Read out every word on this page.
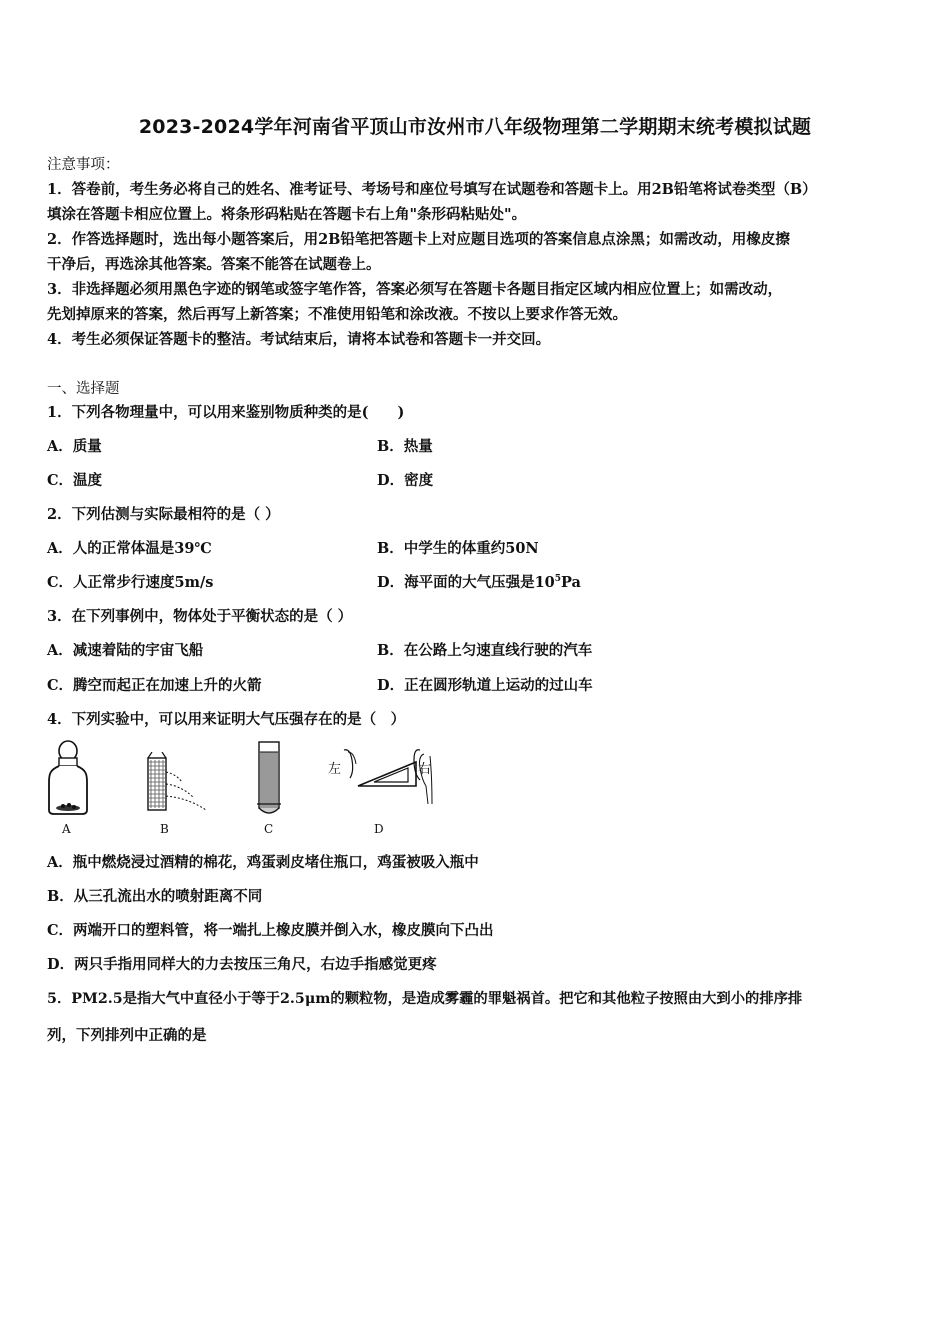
2023-2024学年河南省平顶山市汝州市八年级物理第二学期期末统考模拟试题
注意事项：
1．答卷前，考生务必将自己的姓名、准考证号、考场号和座位号填写在试题卷和答题卡上。用2B铅笔将试卷类型（B）
填涂在答题卡相应位置上。将条形码粘贴在答题卡右上角"条形码粘贴处"。
2．作答选择题时，选出每小题答案后，用2B铅笔把答题卡上对应题目选项的答案信息点涂黑；如需改动，用橡皮擦
干净后，再选涂其他答案。答案不能答在试题卷上。
3．非选择题必须用黑色字迹的钢笔或签字笔作答，答案必须写在答题卡各题目指定区域内相应位置上；如需改动，
先划掉原来的答案，然后再写上新答案；不准使用铅笔和涂改液。不按以上要求作答无效。
4．考生必须保证答题卡的整洁。考试结束后，请将本试卷和答题卡一并交回。
一、选择题
1．下列各物理量中，可以用来鉴别物质种类的是(　　)
A．质量	B．热量
C．温度	D．密度
2．下列估测与实际最相符的是（ ）
A．人的正常体温是39℃	B．中学生的体重约50N
C．人正常步行速度5m/s	D．海平面的大气压强是$10^5Pa$
3．在下列事例中，物体处于平衡状态的是（ ）
A．减速着陆的宇宙飞船	B．在公路上匀速直线行驶的汽车
C．腾空而起正在加速上升的火箭	D．正在圆形轨道上运动的过山车
4．下列实验中，可以用来证明大气压强存在的是（　）
A	B	C
左	右
D
A．瓶中燃烧浸过酒精的棉花，鸡蛋剥皮堵住瓶口，鸡蛋被吸入瓶中
B．从三孔流出水的喷射距离不同
C．两端开口的塑料管，将一端扎上橡皮膜并倒入水，橡皮膜向下凸出
D．两只手指用同样大的力去按压三角尺，右边手指感觉更疼
5．PM2.5是指大气中直径小于等于2.5μm的颗粒物，是造成雾霾的罪魁祸首。把它和其他粒子按照由大到小的排序排
列，下列排列中正确的是
